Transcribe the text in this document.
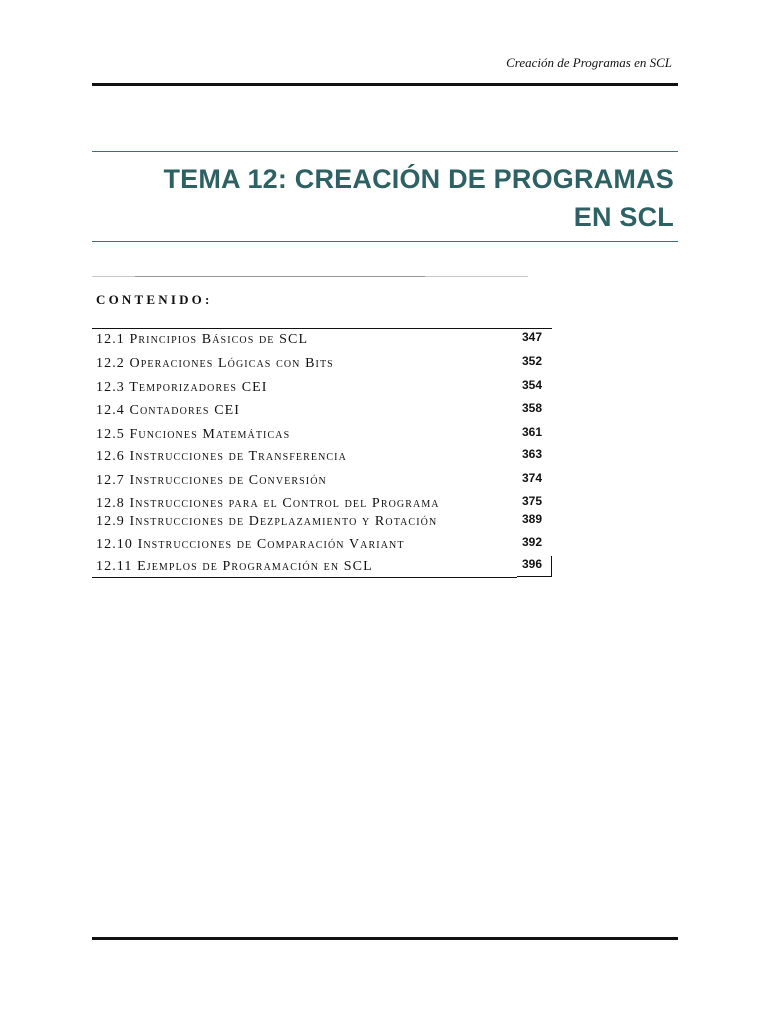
Creación de Programas en SCL
TEMA 12: CREACIÓN DE PROGRAMAS
EN SCL
CONTENIDO:
12.1 Principios Básicos de SCL	347
12.2 Operaciones Lógicas con Bits	352
12.3 Temporizadores CEI	354
12.4 Contadores CEI	358
12.5 Funciones Matemáticas	361
12.6 Instrucciones de Transferencia	363
12.7 Instrucciones de Conversión	374
12.8 Instrucciones para el Control del Programa	375
12.9 Instrucciones de Dezplazamiento y Rotación	389
12.10 Instrucciones de Comparación Variant	392
12.11 Ejemplos de Programación en SCL	396
